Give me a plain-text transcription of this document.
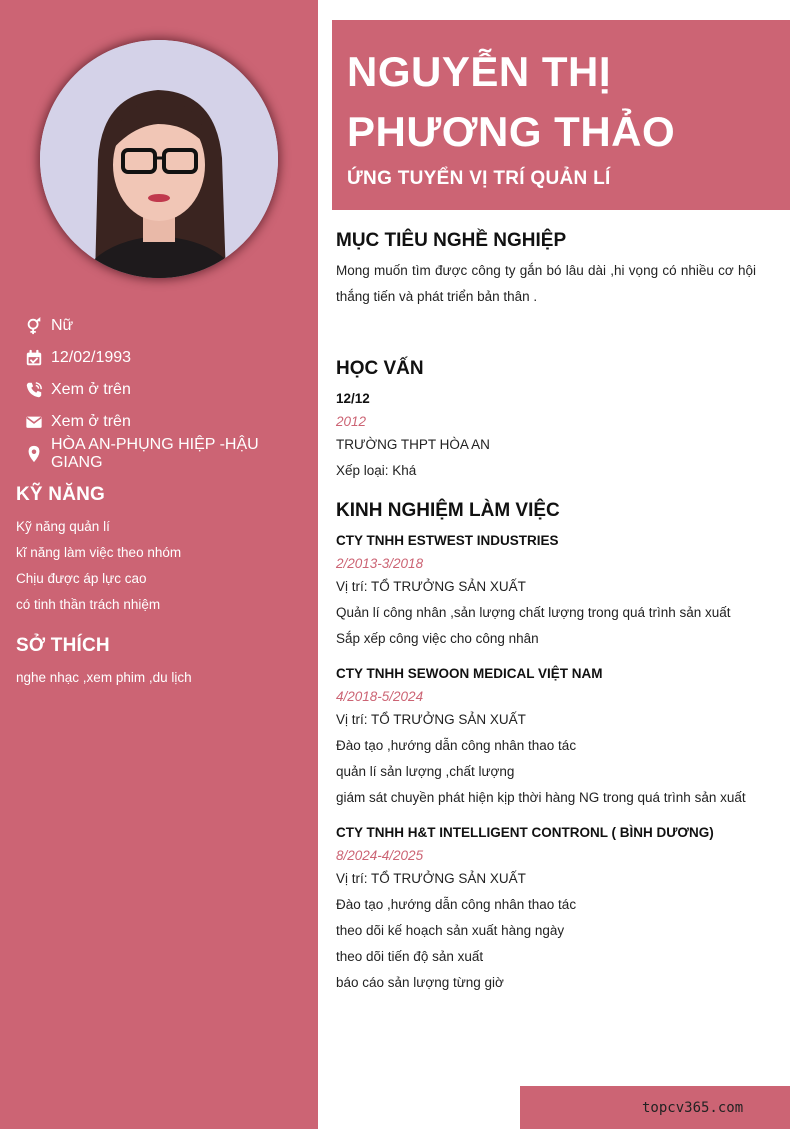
Nữ
12/02/1993
Xem ở trên
Xem ở trên
HÒA AN-PHỤNG HIỆP -HẬU GIANG
KỸ NĂNG
Kỹ năng quản lí
kĩ năng làm việc theo nhóm
Chịu được áp lực cao
có tinh thần trách nhiệm
SỞ THÍCH
nghe nhạc ,xem phim ,du lịch
NGUYỄN THỊ
PHƯƠNG THẢO
ỨNG TUYỂN VỊ TRÍ QUẢN LÍ
MỤC TIÊU NGHỀ NGHIỆP
Mong muốn tìm được công ty gắn bó lâu dài ,hi vọng có nhiều cơ hội thắng tiến và phát triển bản thân .
HỌC VẤN
12/12
2012
TRƯỜNG THPT HÒA AN
Xếp loại: Khá
KINH NGHIỆM LÀM VIỆC
CTY TNHH ESTWEST INDUSTRIES
2/2013-3/2018
Vị trí: TỔ TRƯỞNG SẢN XUẤT
Quản lí công nhân ,sản lượng chất lượng trong quá trình sản xuất
Sắp xếp công việc cho công nhân
CTY TNHH SEWOON MEDICAL VIỆT NAM
4/2018-5/2024
Vị trí: TỔ TRƯỞNG SẢN XUẤT
Đào tạo ,hướng dẫn công nhân thao tác
quản lí sản lượng ,chất lượng
giám sát chuyền phát hiện kịp thời hàng NG trong quá trình sản xuất
CTY TNHH H&T INTELLIGENT CONTRONL ( BÌNH DƯƠNG)
8/2024-4/2025
Vị trí: TỔ TRƯỞNG SẢN XUẤT
Đào tạo ,hướng dẫn công nhân thao tác
theo dõi kế hoạch sản xuất hàng ngày
theo dõi tiến độ sản xuất
báo cáo sản lượng từng giờ
topcv365.com
